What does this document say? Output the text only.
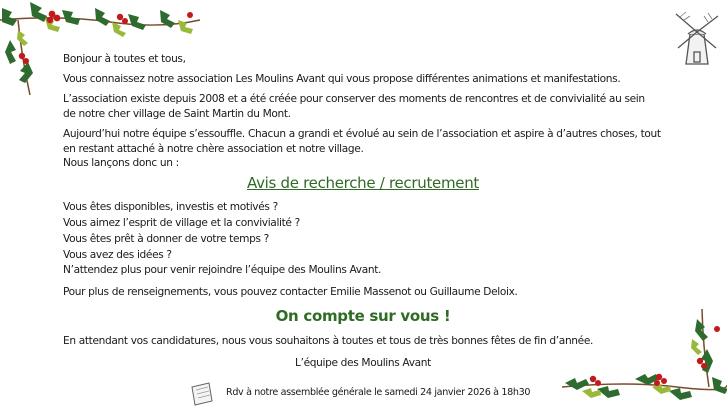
Bonjour à toutes et tous,

Vous connaissez notre association Les Moulins Avant qui vous propose différentes animations et manifestations.

L’association existe depuis 2008 et a été créée pour conserver des moments de rencontres et de convivialité au sein

de notre cher village de Saint Martin du Mont.

Aujourd’hui notre équipe s’essouffle. Chacun a grandi et évolué au sein de l’association et aspire à d’autres choses, tout

en restant attaché à notre chère association et notre village.

Nous lançons donc un :

Avis de recherche / recrutement

Vous êtes disponibles, investis et motivés ?

Vous aimez l’esprit de village et la convivialité ?

Vous êtes prêt à donner de votre temps ?

Vous avez des idées ?

N’attendez plus pour venir rejoindre l’équipe des Moulins Avant.

Pour plus de renseignements, vous pouvez contacter Emilie Massenot ou Guillaume Deloix.

On compte sur vous !

En attendant vos candidatures, nous vous souhaitons à toutes et tous de très bonnes fêtes de fin d’année.

L’équipe des Moulins Avant

Rdv à notre assemblée générale le samedi 24 janvier 2026 à 18h30
